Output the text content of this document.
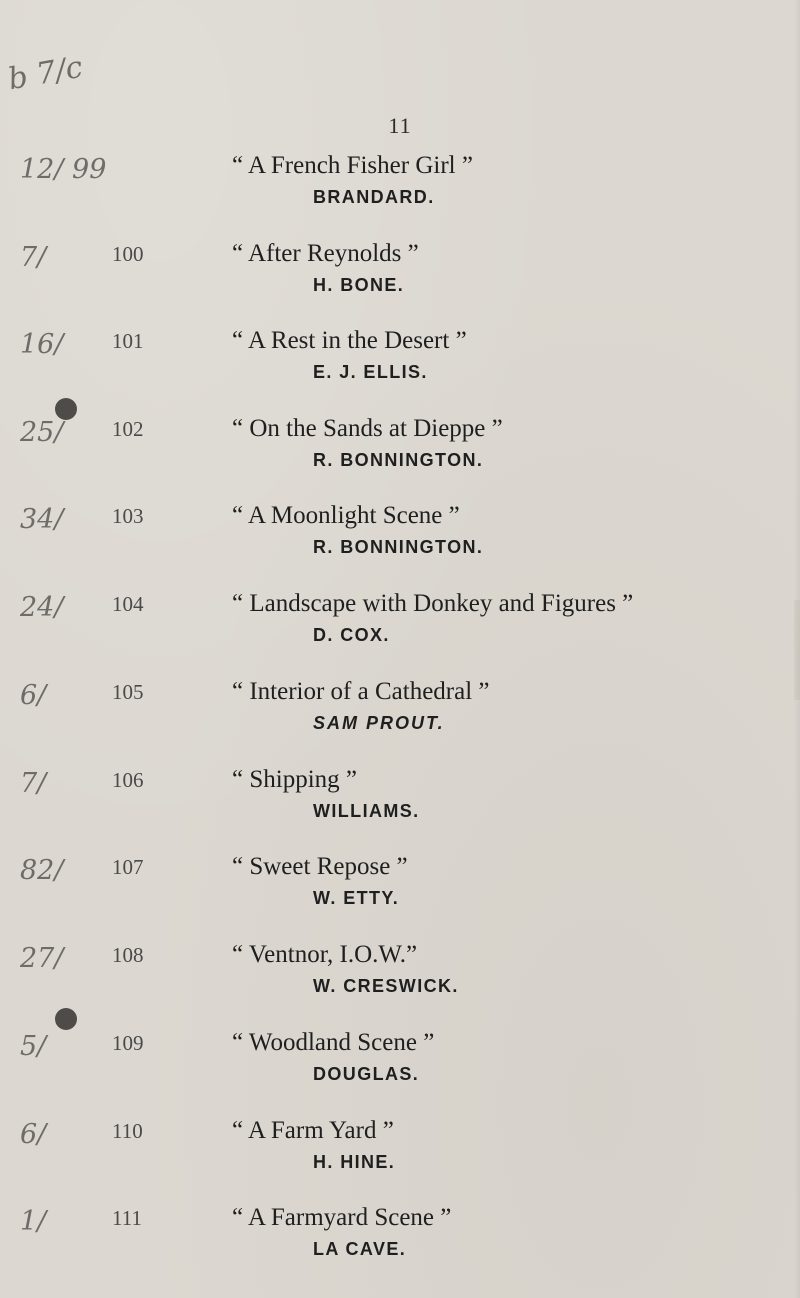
b 7/c
11
12/ 99	“ A French Fisher Girl ”
BRANDARD.
7/	100	“ After Reynolds ”
H. BONE.
16/	101	“ A Rest in the Desert ”
E. J. ELLIS.
25/	102	“ On the Sands at Dieppe ”
R. BONNINGTON.
34/	103	“ A Moonlight Scene ”
R. BONNINGTON.
24/	104	“ Landscape with Donkey and Figures ”
D. COX.
6/	105	“ Interior of a Cathedral ”
SAM PROUT.
7/	106	“ Shipping ”
WILLIAMS.
82/	107	“ Sweet Repose ”
W. ETTY.
27/	108	“ Ventnor, I.O.W.”
W. CRESWICK.
5/	109	“ Woodland Scene ”
DOUGLAS.
6/	110	“ A Farm Yard ”
H. HINE.
1/	111	“ A Farmyard Scene ”
LA CAVE.
